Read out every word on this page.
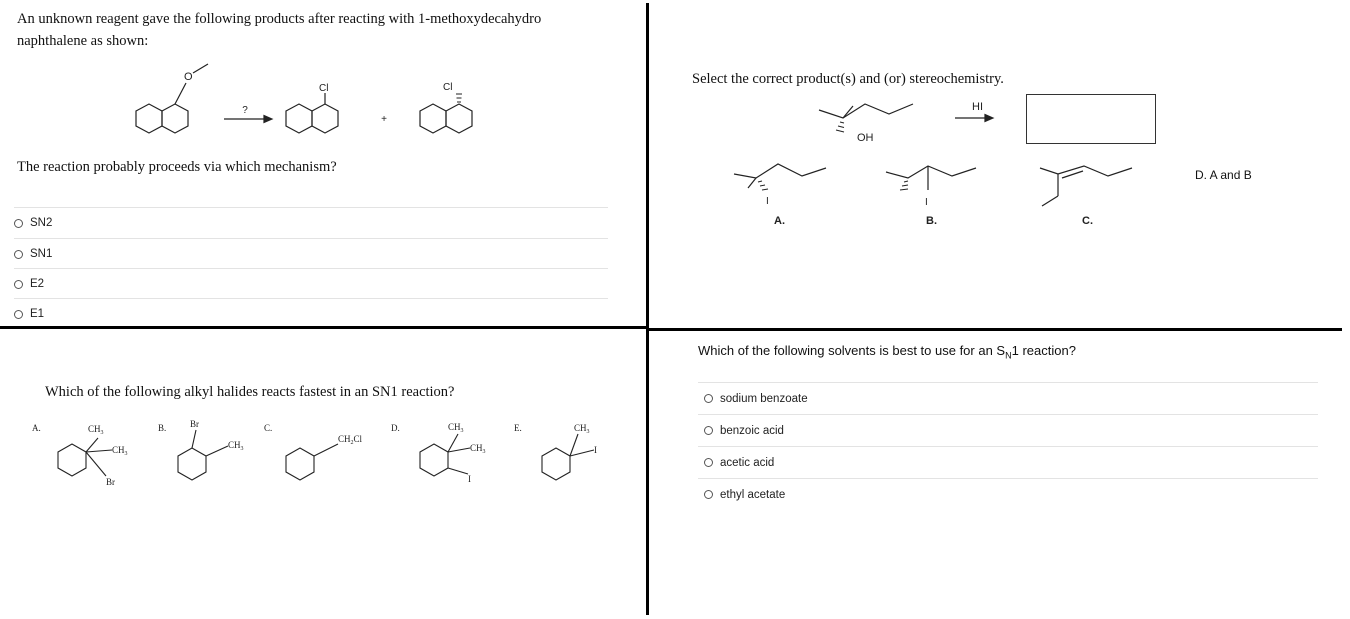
An unknown reagent gave the following products after reacting with 1-methoxydecahydro
naphthalene as shown:
O
?
Cl
+
Cl
The reaction probably proceeds via which mechanism?
SN2
SN1
E2
E1
Select the correct product(s) and (or) stereochemistry.
OH
HI
I
A.
I
B.	C.
D. A and B
Which of the following alkyl halides reacts fastest in an SN1 reaction?
A.	B.	C.	D.	E.
$CH_3$
$CH_3$
Br
Br
$CH_3$
$CH_2Cl$
$CH_3$
$CH_3$
I
$CH_3$
I
Which of the following solvents is best to use for an $S_N1$ reaction?
sodium benzoate
benzoic acid
acetic acid
ethyl acetate
